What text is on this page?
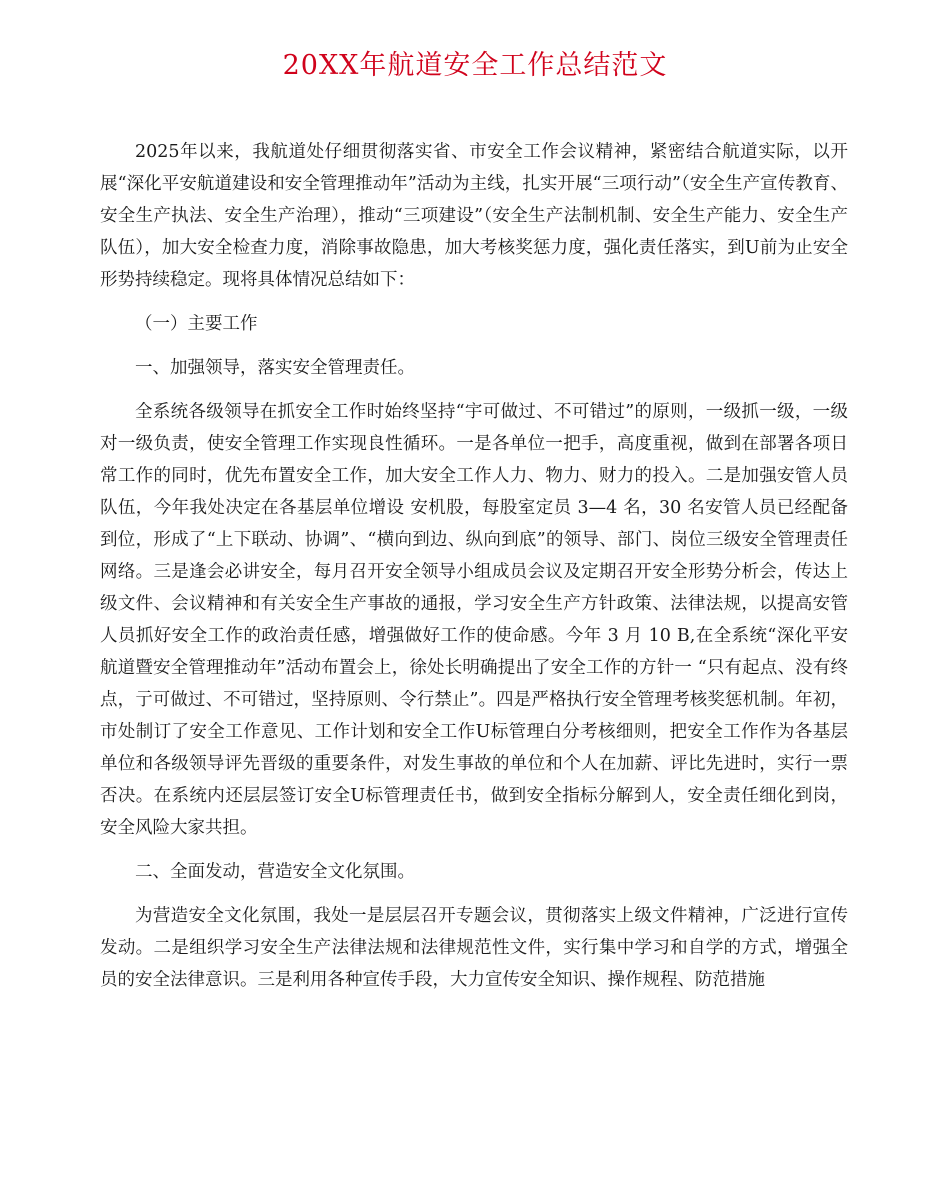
20XX年航道安全工作总结范文

2025年以来，我航道处仔细贯彻落实省、市安全工作会议精神，紧密结合航道实际，以开展“深化平安航道建设和安全管理推动年”活动为主线，扎实开展“三项行动”（安全生产宣传教育、安全生产执法、安全生产治理），推动“三项建设”（安全生产法制机制、安全生产能力、安全生产队伍），加大安全检查力度，消除事故隐患，加大考核奖惩力度，强化责任落实，到U前为止安全形势持续稳定。现将具体情况总结如下：

（一）主要工作

一、加强领导，落实安全管理责任。

全系统各级领导在抓安全工作时始终坚持“宇可做过、不可错过”的原则，一级抓一级，一级对一级负责，使安全管理工作实现良性循环。一是各单位一把手，高度重视，做到在部署各项日常工作的同时，优先布置安全工作，加大安全工作人力、物力、财力的投入。二是加强安管人员队伍，今年我处决定在各基层单位增设 安机股，每股室定员 3—4 名，30 名安管人员已经配备到位，形成了“上下联动、协调”、“横向到边、纵向到底”的领导、部门、岗位三级安全管理责任网络。三是逢会必讲安全，每月召开安全领导小组成员会议及定期召开安全形势分析会，传达上级文件、会议精神和有关安全生产事故的通报，学习安全生产方针政策、法律法规，以提高安管人员抓好安全工作的政治责任感，增强做好工作的使命感。今年 3 月 10 B,在全系统“深化平安航道暨安全管理推动年”活动布置会上，徐处长明确提出了安全工作的方针一 “只有起点、没有终点，亍可做过、不可错过，坚持原则、令行禁止”。四是严格执行安全管理考核奖惩机制。年初，市处制订了安全工作意见、工作计划和安全工作U标管理白分考核细则，把安全工作作为各基层单位和各级领导评先晋级的重要条件，对发生事故的单位和个人在加薪、评比先进时，实行一票否决。在系统内还层层签订安全U标管理责任书，做到安全指标分解到人，安全责任细化到岗，安全风险大家共担。

二、全面发动，营造安全文化氛围。

为营造安全文化氛围，我处一是层层召开专题会议，贯彻落实上级文件精神，广泛进行宣传发动。二是组织学习安全生产法律法规和法律规范性文件，实行集中学习和自学的方式，增强全员的安全法律意识。三是利用各种宣传手段，大力宣传安全知识、操作规程、防范措施
